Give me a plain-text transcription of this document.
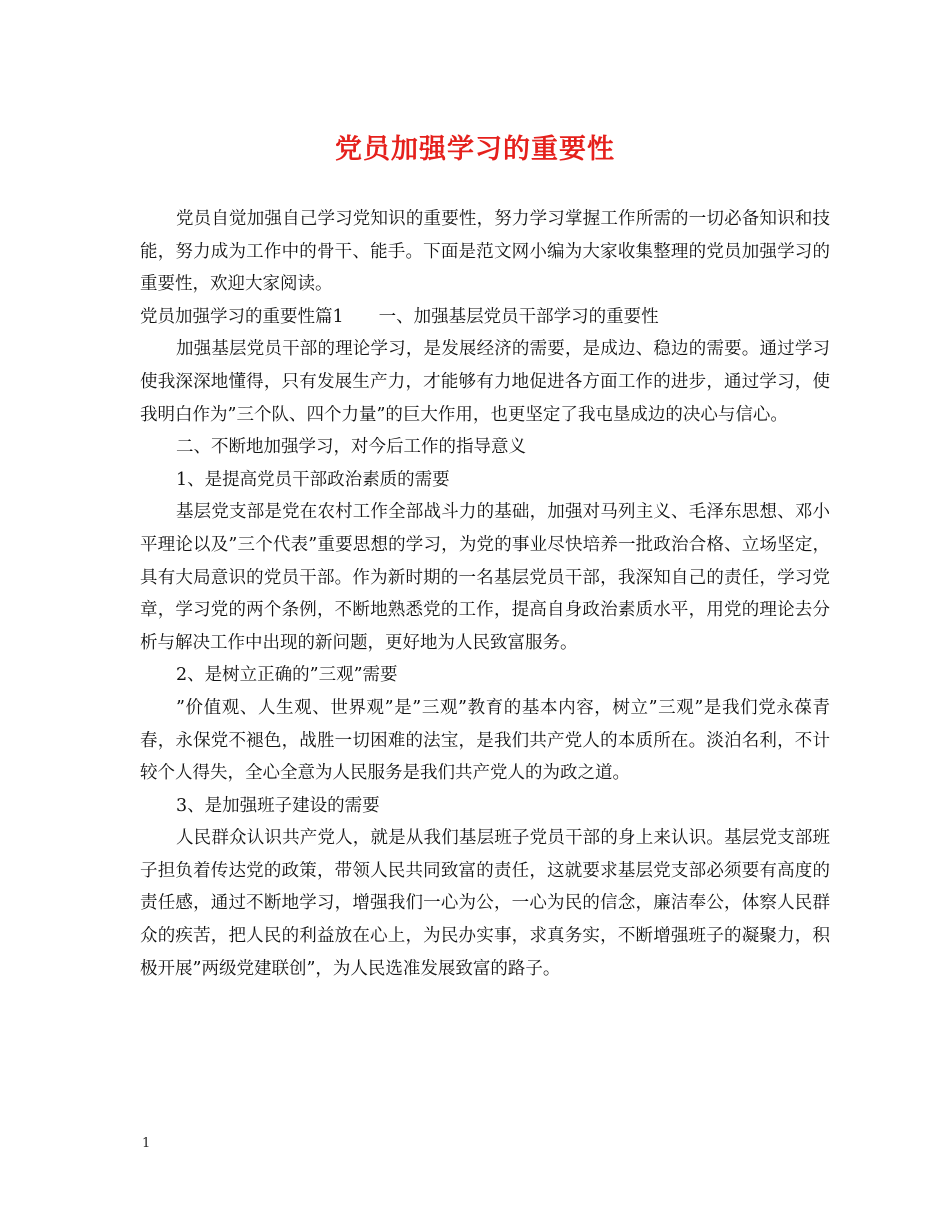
党员加强学习的重要性

党员自觉加强自己学习党知识的重要性，努力学习掌握工作所需的一切必备知识和技能，努力成为工作中的骨干、能手。下面是范文网小编为大家收集整理的党员加强学习的重要性，欢迎大家阅读。

党员加强学习的重要性篇1　　一、加强基层党员干部学习的重要性

加强基层党员干部的理论学习，是发展经济的需要，是成边、稳边的需要。通过学习使我深深地懂得，只有发展生产力，才能够有力地促进各方面工作的进步，通过学习，使我明白作为”三个队、四个力量”的巨大作用，也更坚定了我屯垦成边的决心与信心。

二、不断地加强学习，对今后工作的指导意义

1、是提高党员干部政治素质的需要

基层党支部是党在农村工作全部战斗力的基础，加强对马列主义、毛泽东思想、邓小平理论以及”三个代表”重要思想的学习，为党的事业尽快培养一批政治合格、立场坚定，具有大局意识的党员干部。作为新时期的一名基层党员干部，我深知自己的责任，学习党章，学习党的两个条例，不断地熟悉党的工作，提高自身政治素质水平，用党的理论去分析与解决工作中出现的新问题，更好地为人民致富服务。

2、是树立正确的”三观”需要

”价值观、人生观、世界观”是”三观”教育的基本内容，树立”三观”是我们党永葆青春，永保党不褪色，战胜一切困难的法宝，是我们共产党人的本质所在。淡泊名利，不计较个人得失，全心全意为人民服务是我们共产党人的为政之道。

3、是加强班子建设的需要

人民群众认识共产党人，就是从我们基层班子党员干部的身上来认识。基层党支部班子担负着传达党的政策，带领人民共同致富的责任，这就要求基层党支部必须要有高度的责任感，通过不断地学习，增强我们一心为公，一心为民的信念，廉洁奉公，体察人民群众的疾苦，把人民的利益放在心上，为民办实事，求真务实，不断增强班子的凝聚力，积极开展”两级党建联创”，为人民选准发展致富的路子。

1
